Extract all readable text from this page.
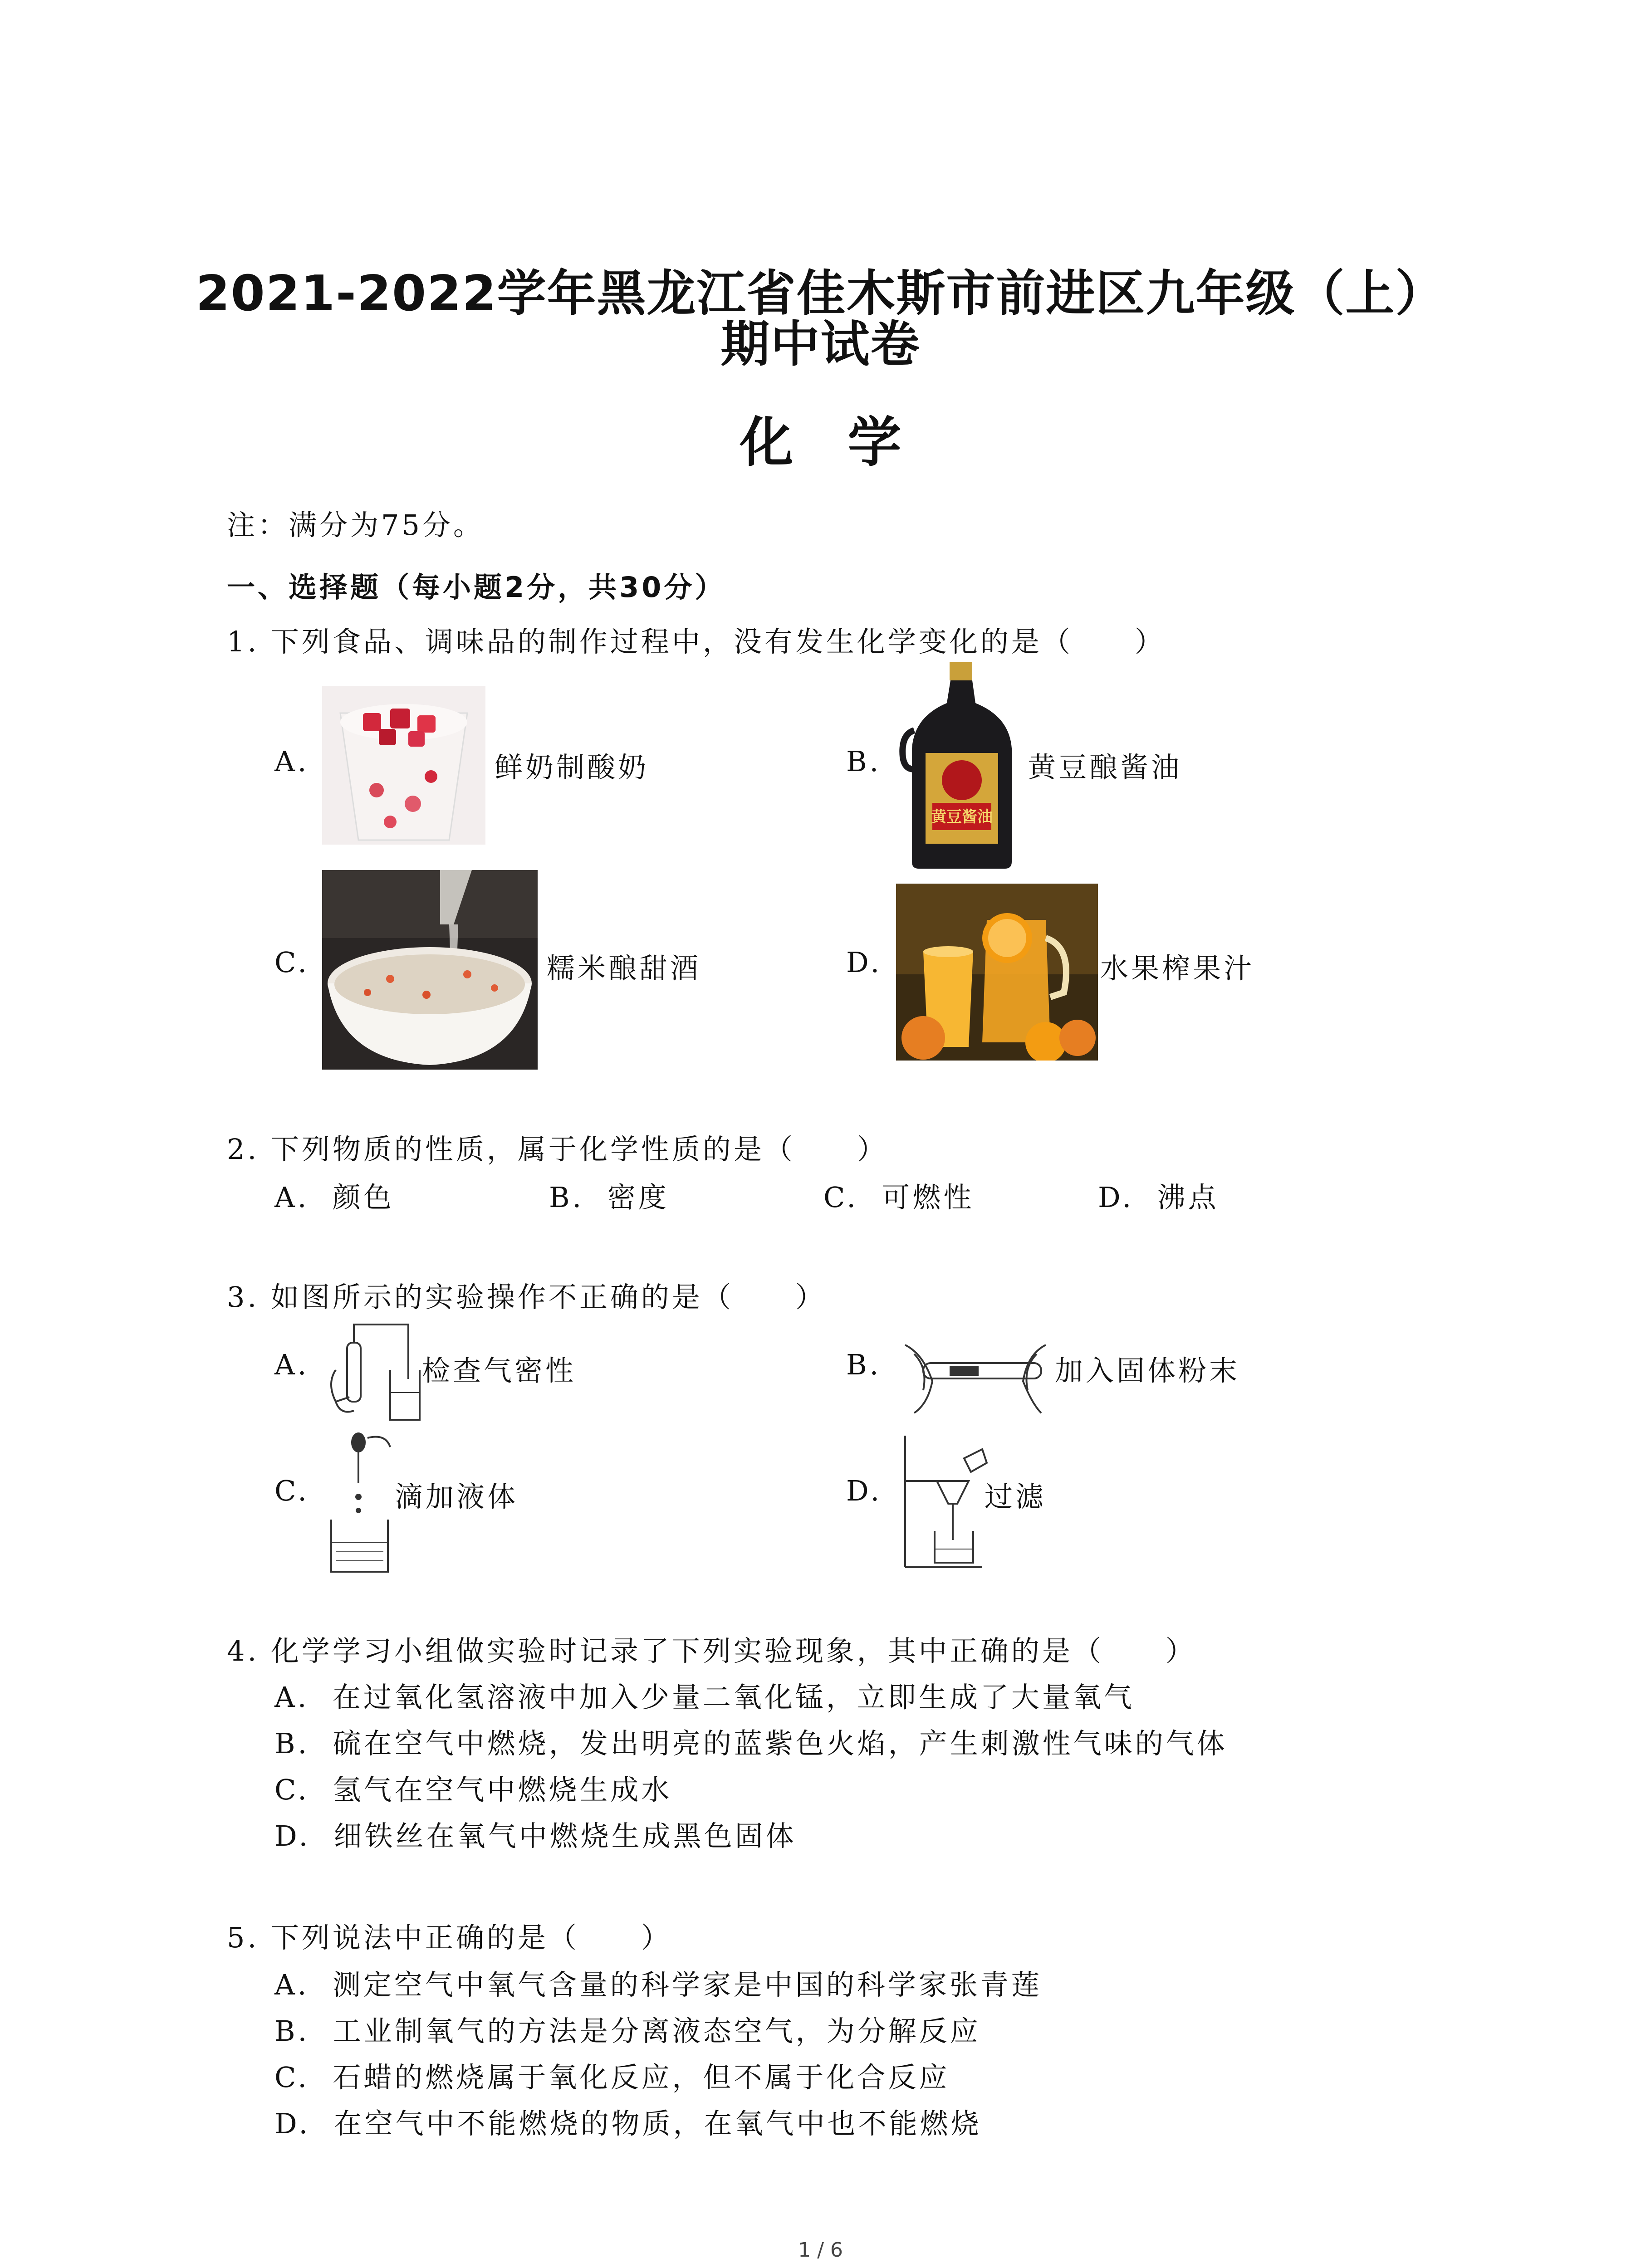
2021-2022学年黑龙江省佳木斯市前进区九年级（上）
期中试卷
化学
注：满分为75分。
一、选择题（每小题2分，共30分）
1. 下列食品、调味品的制作过程中，没有发生化学变化的是（　　）
A.	鲜奶制酸奶	B.
黄豆酱油
黄豆酿酱油
C.	糯米酿甜酒	D.	水果榨果汁
2. 下列物质的性质，属于化学性质的是（　　）
A. 颜色	B. 密度	C. 可燃性	D. 沸点
3. 如图所示的实验操作不正确的是（　　）
A.	检查气密性	B.	加入固体粉末
C.	滴加液体	D.	过滤
4. 化学学习小组做实验时记录了下列实验现象，其中正确的是（　　）
A. 在过氧化氢溶液中加入少量二氧化锰，立即生成了大量氧气
B. 硫在空气中燃烧，发出明亮的蓝紫色火焰，产生刺激性气味的气体
C. 氢气在空气中燃烧生成水
D. 细铁丝在氧气中燃烧生成黑色固体
5. 下列说法中正确的是（　　）
A. 测定空气中氧气含量的科学家是中国的科学家张青莲
B. 工业制氧气的方法是分离液态空气，为分解反应
C. 石蜡的燃烧属于氧化反应，但不属于化合反应
D. 在空气中不能燃烧的物质，在氧气中也不能燃烧
1 / 6
